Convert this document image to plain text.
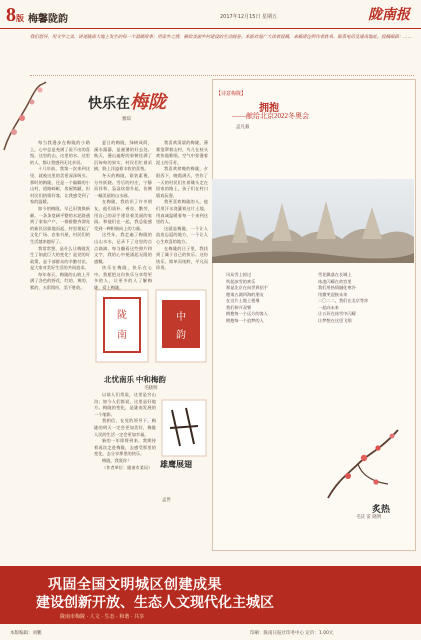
8版 梅馨陇韵	2017年12月15日 星期五	陇南报
我们倡导，用文学之美，讲述陇南大地上发生的每一个温暖故事；用家乡之情，描绘美丽乡村建设的生动画卷。本版欢迎广大读者投稿，来稿请注明作者姓名、联系电话及通讯地址。投稿邮箱：……
快乐在梅陇
雅琼

每当我漫步在梅陇的小路上，心中总是充满了说不出的喜悦。这里的山、这里的水、这里的人，都让我感到无比亲切。

十几年前，我第一次来到这里，就被这里的美景深深吸引。那时的梅陇，还是一个偏僻的小山村，道路崎岖，房屋简陋，但村民们热情好客，让我感受到了家的温暖。

如今的梅陇，早已旧貌换新颜。一条条宽阔平整的水泥路通到了家家户户，一排排整齐漂亮的新民居拔地而起，村里建起了文化广场、农家书屋，村民们的生活越来越好了。

我常常想，是什么让梅陇发生了如此巨大的变化？是党的好政策，是干部群众的辛勤付出，是大家对美好生活的共同追求。

每年春天，梅陇的山坡上开满了各色的野花，红的、黄的、紫的，五彩缤纷，美不胜收。

夏日的梅陇，绿树成荫，溪水潺潺，是避暑的好去处。秋天，漫山遍野的果树挂满了沉甸甸的果实，村民们忙着采摘，脸上洋溢着丰收的喜悦。

冬天的梅陇，银装素裹，分外妖娆。雪后的村庄，宁静而祥和，袅袅炊烟升起，仿佛一幅美丽的山水画。

在梅陇，我结识了许多朋友。他们质朴、善良、勤劳，用自己的双手建设着美丽的家园。和他们在一起，我总能感受到一种积极向上的力量。

这些年，我走遍了梅陇的山山水水，记录下了这里的点点滴滴。每当翻看这些照片和文字，我的心中便涌起无限的感慨。

快乐在梅陇，快乐在心中。我愿把这份快乐分享给更多的人，让更多的人了解梅陇、爱上梅陇。

我喜欢清晨的梅陇，薄雾笼罩着山村，鸟儿在枝头欢快地歌唱，空气中弥漫着泥土的芬芳。

我喜欢傍晚的梅陇，夕阳西下，晚霞满天，劳作了一天的村民们扛着锄头走在回家的路上，孩子们在村口嬉戏玩耍。

我更喜欢梅陇的人，他们用汗水浇灌着这片土地，用真诚温暖着每一个来到这里的人。

这就是梅陇，一个让人流连忘返的地方，一个让人心生欢喜的地方。

在梅陇的日子里，我找到了属于自己的快乐。这份快乐，简单而纯粹，平凡而珍贵。

陇
南
中
韵
北忧南乐 中和梅韵
毛晓明

以前人们常说，这里是穷山沟；如今人们都说，这里是好地方。梅陇的变化，是陇南发展的一个缩影。

我相信，在党的领导下，梅陇的明天一定会更加美好，梅陇人民的生活一定会更加幸福。

新的一年即将到来，我期待着再次走进梅陇，去感受那里的变化，去分享那里的快乐。

梅陇，我爱你！

（作者单位：陇南市某局） 雄鹰展翅
孟世
【诗意梅陇】
拥抱
——献给北京2022冬奥会
孟凡毅
风从雪上掠过
吹起冰雪的欢乐
那是北京在向世界招手
邀请五湖四海的朋友
在这片土地上相聚
我们伸开双臂
拥抱每一个远方的客人
拥抱每一个追梦的人
雪花飘落在长城上
冰凌闪耀在故宫里
我们用热情融化寒冷
用微笑迎接未来
二〇二二，我们在北京等你
一起向未来
让五环在冰雪中闪耀
让梦想在这里飞翔
炙热
毛沃 雷 晓明
巩固全国文明城区创建成果
建设创新开放、生态人文现代化主城区
陇南市梅陇 · 人文 · 生态 · 和谐 · 共享
本版编辑：刘鹏	印刷：陇南日报社印务中心 定价：1.00元
